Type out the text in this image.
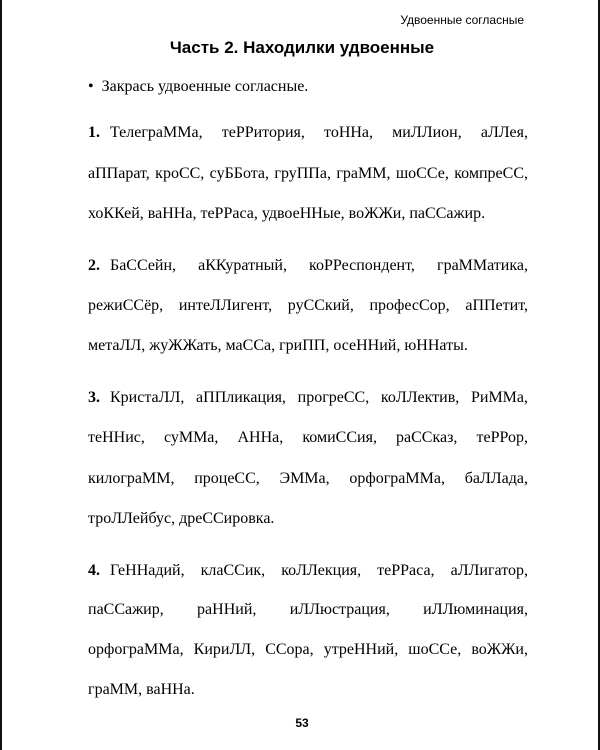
Удвоенные согласные
Часть 2. Находилки удвоенные
• Закрась удвоенные согласные.
1. ТелеграММа, теРРитория, тоННа, миЛЛион, аЛЛея,
аППарат, кроСС, суББота, груППа, граММ, шоССе, компреСС,
хоККей, ваННа, теРРаса, удвоеННые, воЖЖи, паССажир.
2. БаССейн, аККуратный, коРРеспондент, граММатика,
режиССёр, интеЛЛигент, руССкий, професСор, аППетит,
метаЛЛ, жуЖЖать, маССа, гриПП, осеННий, юННаты.
3. КристаЛЛ, аППликация, прогреСС, коЛЛектив, РиММа,
теННис, суММа, АННа, комиССия, раССказ, теРРор,
килограММ, процеСС, ЭММа, орфограММа, баЛЛада,
троЛЛейбус, дреССировка.
4. ГеННадий, клаССик, коЛЛекция, теРРаса, аЛЛигатор,
паССажир, раННий, иЛЛюстрация, иЛЛюминация,
орфограММа, КириЛЛ, ССора, утреННий, шоССе, воЖЖи,
граММ, ваННа.
53
